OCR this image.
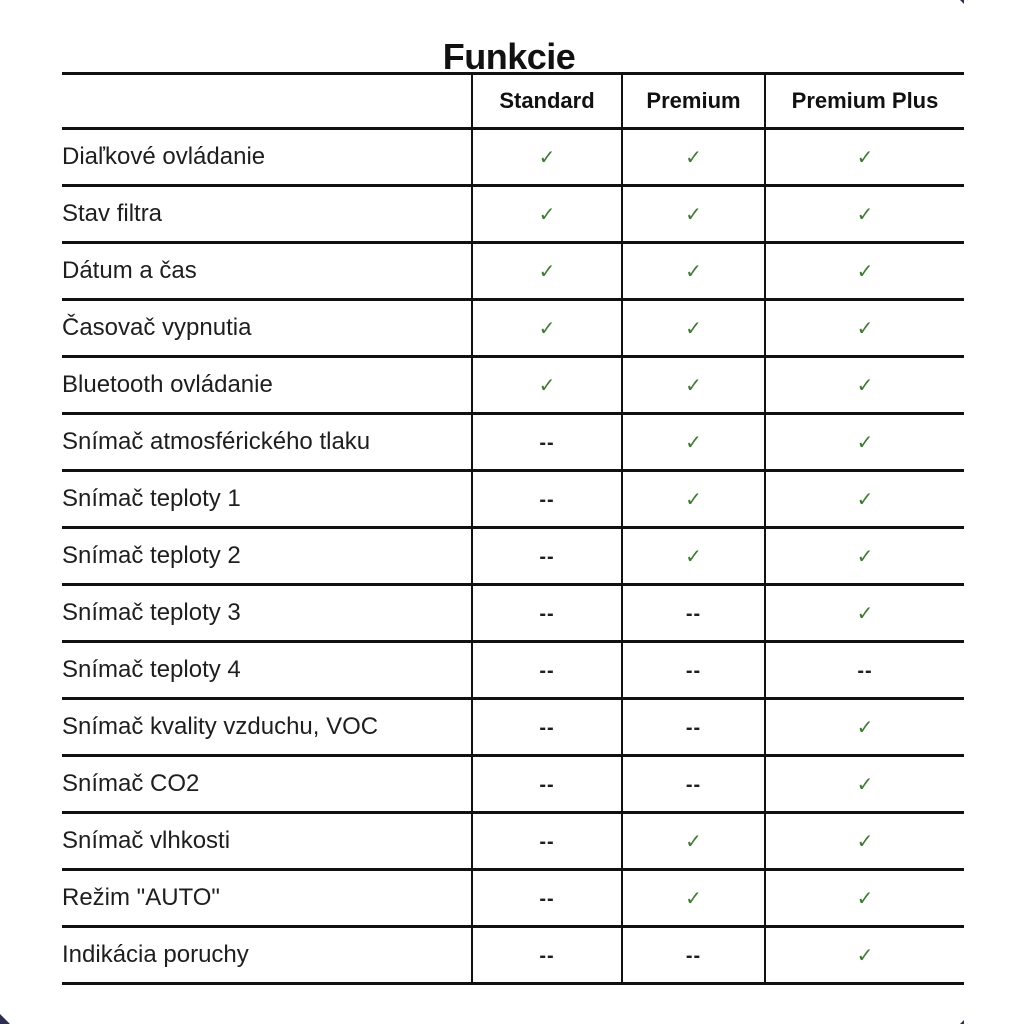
Funkcie
	Standard	Premium	Premium Plus
Diaľkové ovládanie	✓	✓	✓
Stav filtra	✓	✓	✓
Dátum a čas	✓	✓	✓
Časovač vypnutia	✓	✓	✓
Bluetooth ovládanie	✓	✓	✓
Snímač atmosférického tlaku	--	✓	✓
Snímač teploty 1	--	✓	✓
Snímač teploty 2	--	✓	✓
Snímač teploty 3	--	--	✓
Snímač teploty 4	--	--	--
Snímač kvality vzduchu, VOC	--	--	✓
Snímač CO2	--	--	✓
Snímač vlhkosti	--	✓	✓
Režim "AUTO"	--	✓	✓
Indikácia poruchy	--	--	✓
